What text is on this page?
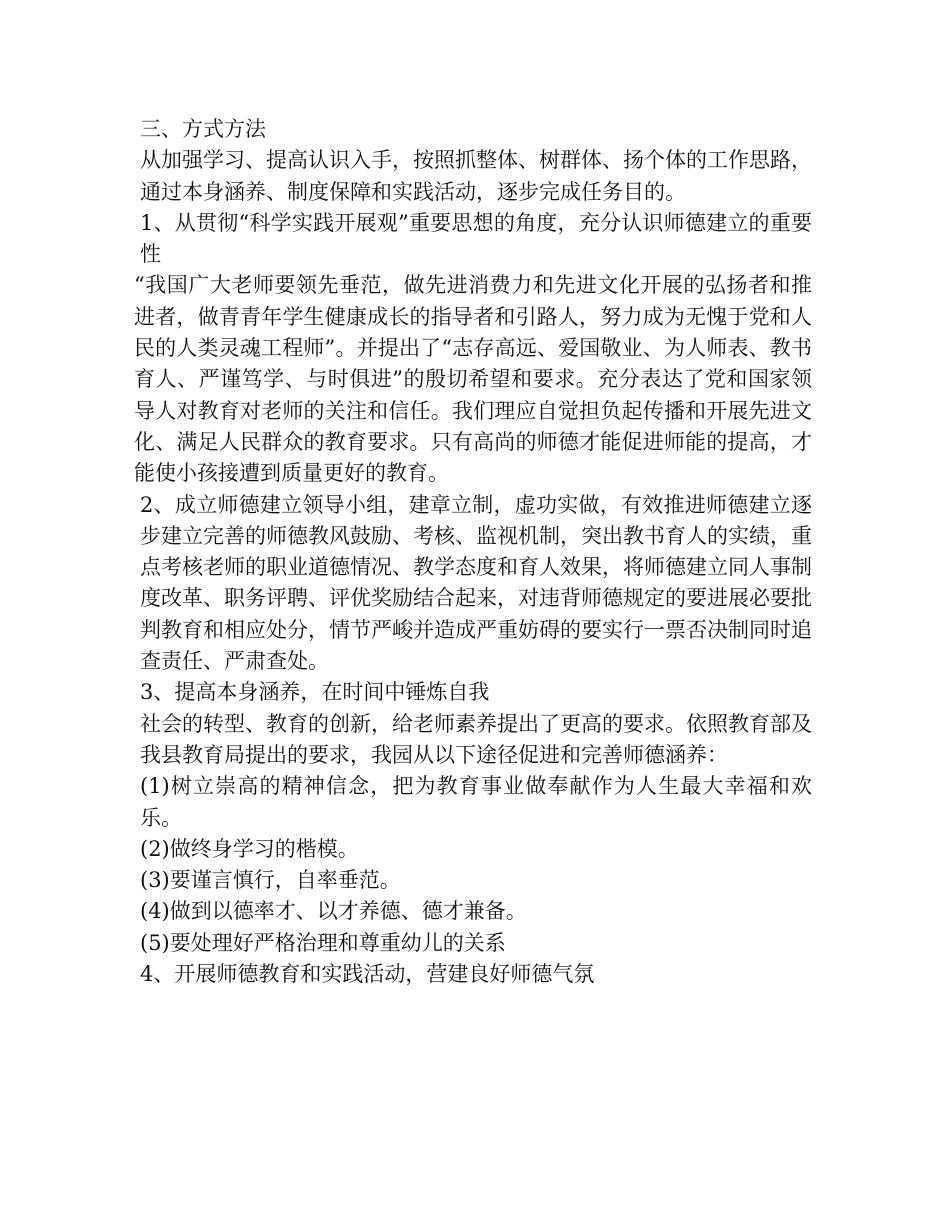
三、方式方法

从加强学习、提高认识入手，按照抓整体、树群体、扬个体的工作思路，通过本身涵养、制度保障和实践活动，逐步完成任务目的。

1、从贯彻“科学实践开展观”重要思想的角度，充分认识师德建立的重要性

“我国广大老师要领先垂范，做先进消费力和先进文化开展的弘扬者和推进者，做青青年学生健康成长的指导者和引路人，努力成为无愧于党和人民的人类灵魂工程师”。并提出了“志存高远、爱国敬业、为人师表、教书育人、严谨笃学、与时俱进”的殷切希望和要求。充分表达了党和国家领导人对教育对老师的关注和信任。我们理应自觉担负起传播和开展先进文化、满足人民群众的教育要求。只有高尚的师德才能促进师能的提高，才能使小孩接遭到质量更好的教育。

2、成立师德建立领导小组，建章立制，虚功实做，有效推进师德建立逐步建立完善的师德教风鼓励、考核、监视机制，突出教书育人的实绩，重点考核老师的职业道德情况、教学态度和育人效果，将师德建立同人事制度改革、职务评聘、评优奖励结合起来，对违背师德规定的要进展必要批判教育和相应处分，情节严峻并造成严重妨碍的要实行一票否决制同时追查责任、严肃查处。

3、提高本身涵养，在时间中锤炼自我

社会的转型、教育的创新，给老师素养提出了更高的要求。依照教育部及我县教育局提出的要求，我园从以下途径促进和完善师德涵养：

(1)树立崇高的精神信念，把为教育事业做奉献作为人生最大幸福和欢乐。

(2)做终身学习的楷模。

(3)要谨言慎行，自率垂范。

(4)做到以德率才、以才养德、德才兼备。

(5)要处理好严格治理和尊重幼儿的关系

4、开展师德教育和实践活动，营建良好师德气氛
